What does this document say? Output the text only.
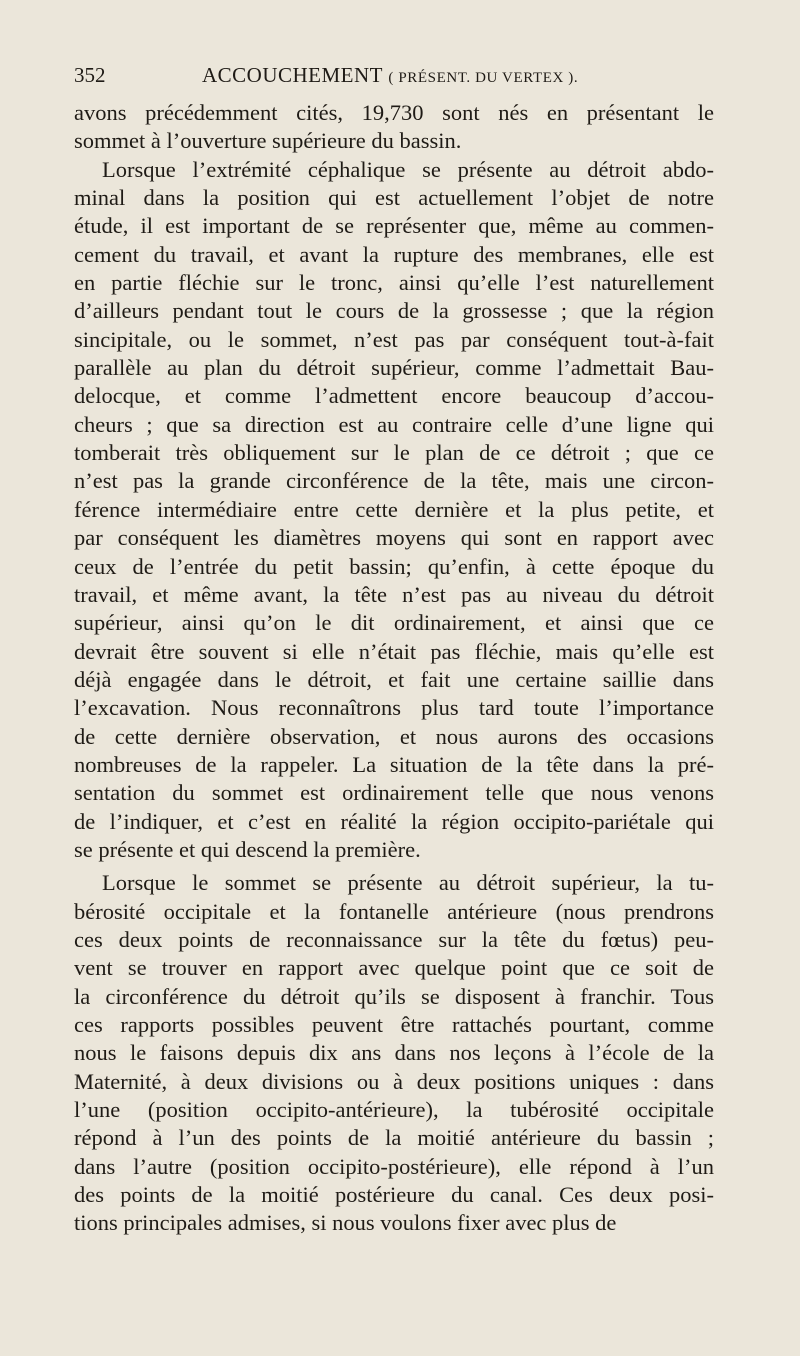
352	ACCOUCHEMENT ( PRÉSENT. DU VERTEX ).
avons précédemment cités, 19,730 sont nés en présentant le
sommet à l’ouverture supérieure du bassin.
Lorsque l’extrémité céphalique se présente au détroit abdo-
minal dans la position qui est actuellement l’objet de notre
étude, il est important de se représenter que, même au commen-
cement du travail, et avant la rupture des membranes, elle est
en partie fléchie sur le tronc, ainsi qu’elle l’est naturellement
d’ailleurs pendant tout le cours de la grossesse ; que la région
sincipitale, ou le sommet, n’est pas par conséquent tout-à-fait
parallèle au plan du détroit supérieur, comme l’admettait Bau-
delocque, et comme l’admettent encore beaucoup d’accou-
cheurs ; que sa direction est au contraire celle d’une ligne qui
tomberait très obliquement sur le plan de ce détroit ; que ce
n’est pas la grande circonférence de la tête, mais une circon-
férence intermédiaire entre cette dernière et la plus petite, et
par conséquent les diamètres moyens qui sont en rapport avec
ceux de l’entrée du petit bassin; qu’enfin, à cette époque du
travail, et même avant, la tête n’est pas au niveau du détroit
supérieur, ainsi qu’on le dit ordinairement, et ainsi que ce
devrait être souvent si elle n’était pas fléchie, mais qu’elle est
déjà engagée dans le détroit, et fait une certaine saillie dans
l’excavation. Nous reconnaîtrons plus tard toute l’importance
de cette dernière observation, et nous aurons des occasions
nombreuses de la rappeler. La situation de la tête dans la pré-
sentation du sommet est ordinairement telle que nous venons
de l’indiquer, et c’est en réalité la région occipito-pariétale qui
se présente et qui descend la première.
Lorsque le sommet se présente au détroit supérieur, la tu-
bérosité occipitale et la fontanelle antérieure (nous prendrons
ces deux points de reconnaissance sur la tête du fœtus) peu-
vent se trouver en rapport avec quelque point que ce soit de
la circonférence du détroit qu’ils se disposent à franchir. Tous
ces rapports possibles peuvent être rattachés pourtant, comme
nous le faisons depuis dix ans dans nos leçons à l’école de la
Maternité, à deux divisions ou à deux positions uniques : dans
l’une (position occipito-antérieure), la tubérosité occipitale
répond à l’un des points de la moitié antérieure du bassin ;
dans l’autre (position occipito-postérieure), elle répond à l’un
des points de la moitié postérieure du canal. Ces deux posi-
tions principales admises, si nous voulons fixer avec plus de
